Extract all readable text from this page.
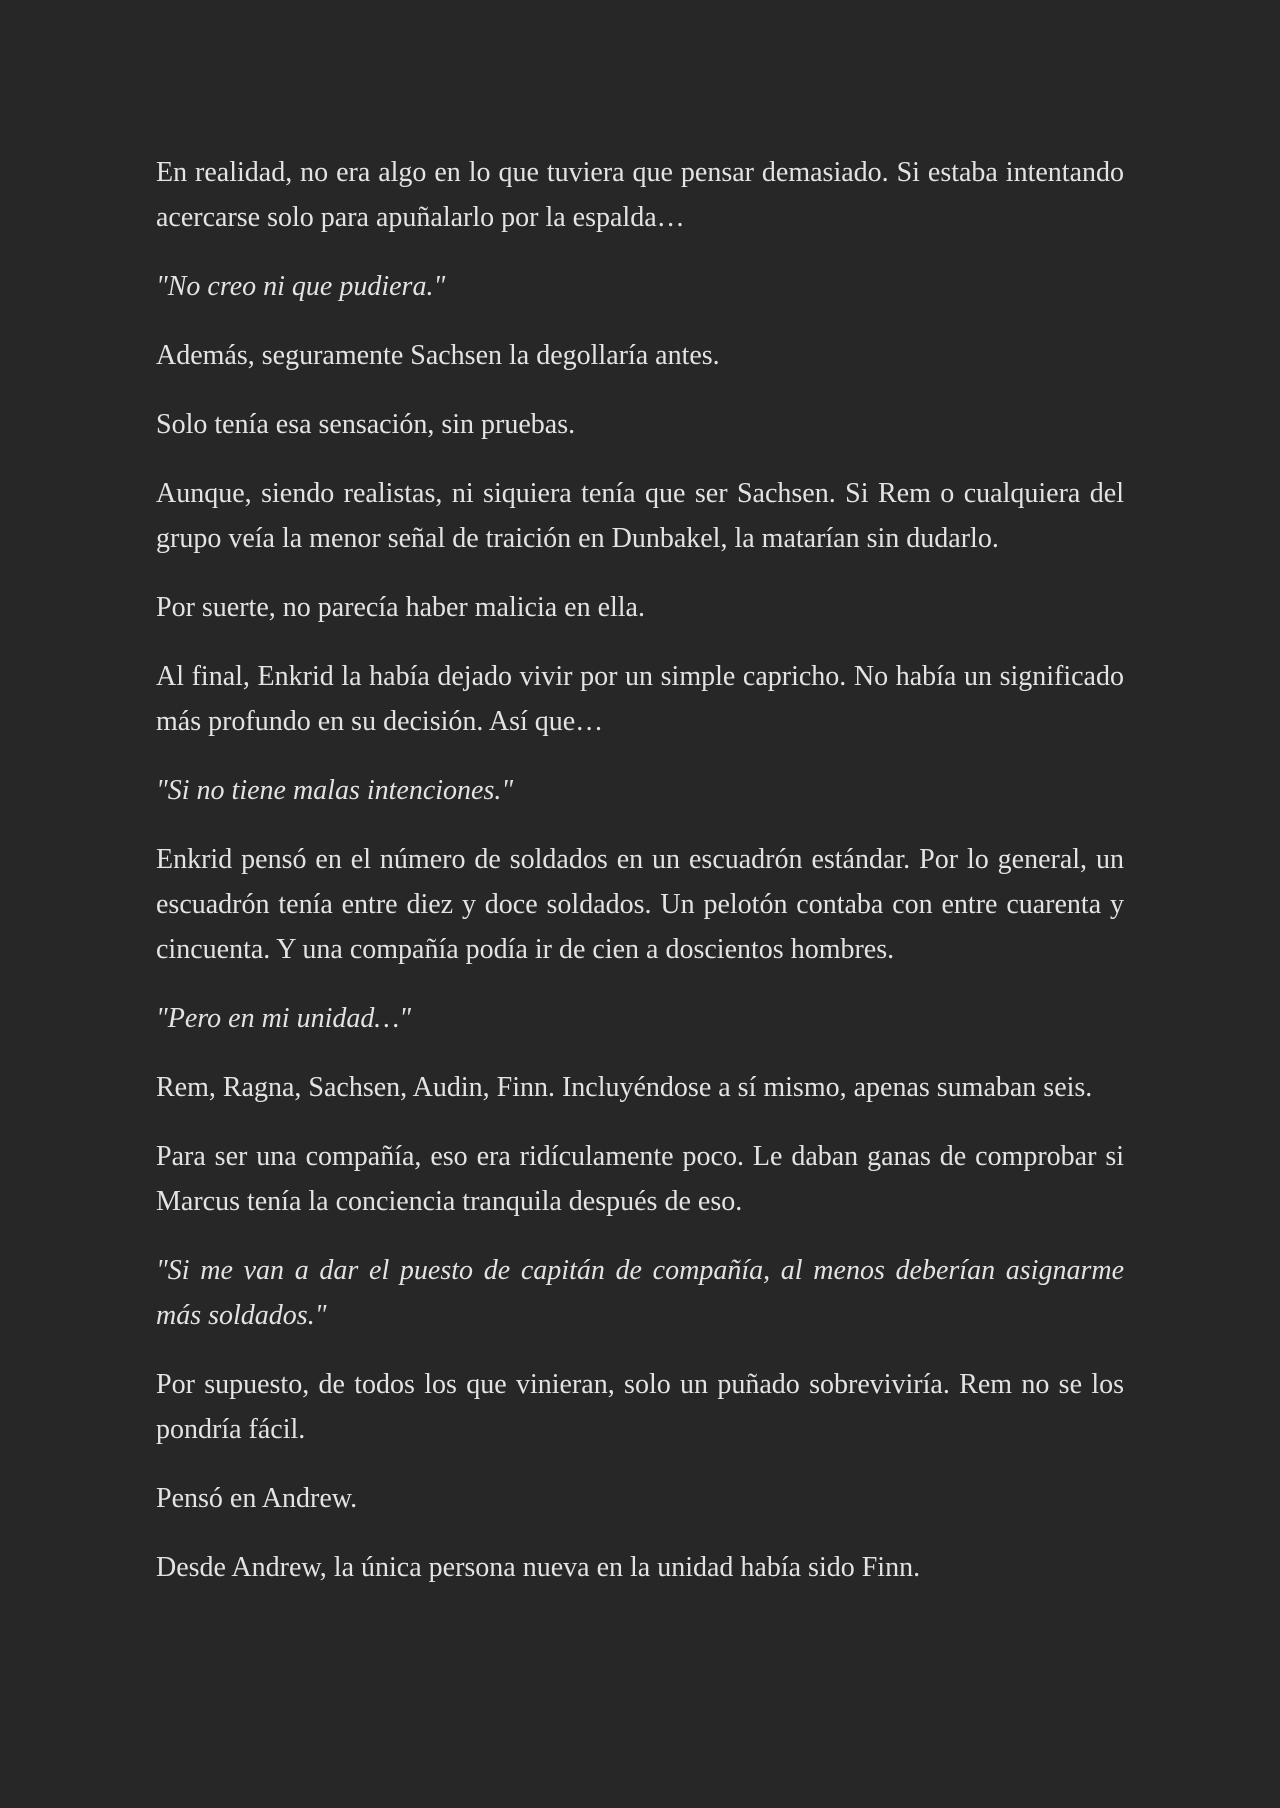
En realidad, no era algo en lo que tuviera que pensar demasiado. Si estaba intentando acercarse solo para apuñalarlo por la espalda…

"No creo ni que pudiera."

Además, seguramente Sachsen la degollaría antes.

Solo tenía esa sensación, sin pruebas.

Aunque, siendo realistas, ni siquiera tenía que ser Sachsen. Si Rem o cualquiera del grupo veía la menor señal de traición en Dunbakel, la matarían sin dudarlo.

Por suerte, no parecía haber malicia en ella.

Al final, Enkrid la había dejado vivir por un simple capricho. No había un significado más profundo en su decisión. Así que…

"Si no tiene malas intenciones."

Enkrid pensó en el número de soldados en un escuadrón estándar. Por lo general, un escuadrón tenía entre diez y doce soldados. Un pelotón contaba con entre cuarenta y cincuenta. Y una compañía podía ir de cien a doscientos hombres.

"Pero en mi unidad…"

Rem, Ragna, Sachsen, Audin, Finn. Incluyéndose a sí mismo, apenas sumaban seis.

Para ser una compañía, eso era ridículamente poco. Le daban ganas de comprobar si Marcus tenía la conciencia tranquila después de eso.

"Si me van a dar el puesto de capitán de compañía, al menos deberían asignarme más soldados."

Por supuesto, de todos los que vinieran, solo un puñado sobreviviría. Rem no se los pondría fácil.

Pensó en Andrew.

Desde Andrew, la única persona nueva en la unidad había sido Finn.
